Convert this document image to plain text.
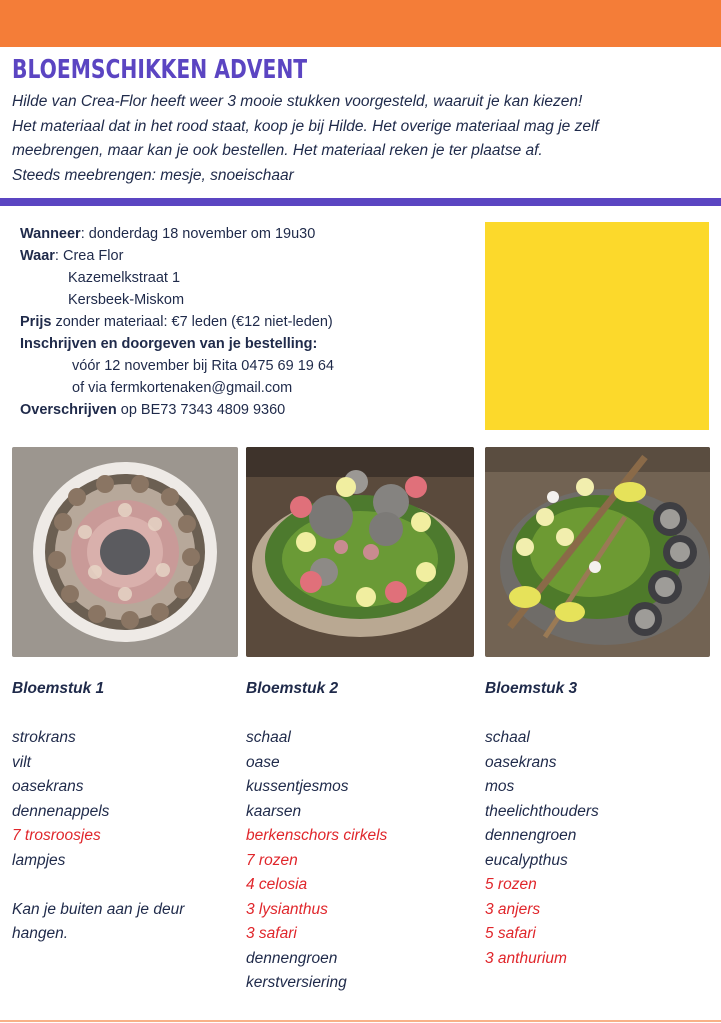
BLOEMSCHIKKEN ADVENT
Hilde van Crea-Flor heeft weer 3 mooie stukken voorgesteld, waaruit je kan kiezen!
Het materiaal dat in het rood staat, koop je bij Hilde. Het overige materiaal mag je zelf
meebrengen, maar kan je ook bestellen. Het materiaal reken je ter plaatse af.
Steeds meebrengen: mesje, snoeischaar
Wanneer: donderdag 18 november om 19u30
Waar: Crea Flor
Kazemelkstraat 1
Kersbeek-Miskom
Prijs zonder materiaal: €7 leden (€12 niet-leden)
Inschrijven en doorgeven van je bestelling:
vóór 12 november bij Rita 0475 69 19 64
of via fermkortenaken@gmail.com
Overschrijven op BE73 7343 4809 9360
Bloemstuk 1
strokrans
vilt
oasekrans
dennenappels
7 trosroosjes
lampjes
Kan je buiten aan je deur hangen.
Bloemstuk 2
schaal
oase
kussentjesmos
kaarsen
berkenschors cirkels
7 rozen
4 celosia
3 lysianthus
3 safari
dennengroen
kerstversiering
Bloemstuk 3
schaal
oasekrans
mos
theelichthouders
dennengroen
eucalypthus
5 rozen
3 anjers
5 safari
3 anthurium
